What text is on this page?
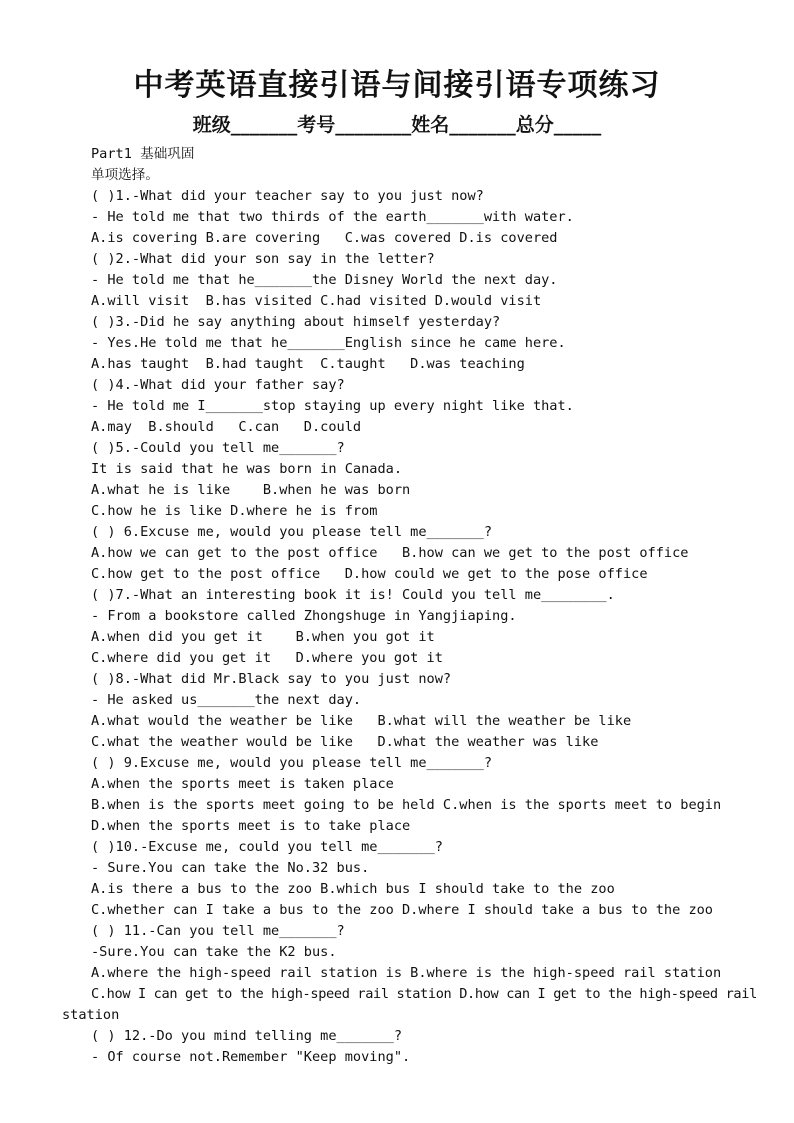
中考英语直接引语与间接引语专项练习
班级_______考号________姓名_______总分_____
Part1 基础巩固
单项选择。
( )1.-What did your teacher say to you just now?
- He told me that two thirds of the earth_______with water.
A.is covering B.are covering   C.was covered D.is covered
( )2.-What did your son say in the letter?
- He told me that he_______the Disney World the next day.
A.will visit  B.has visited C.had visited D.would visit
( )3.-Did he say anything about himself yesterday?
- Yes.He told me that he_______English since he came here.
A.has taught  B.had taught  C.taught   D.was teaching
( )4.-What did your father say?
- He told me I_______stop staying up every night like that.
A.may  B.should   C.can   D.could
( )5.-Could you tell me_______?
It is said that he was born in Canada.
A.what he is like    B.when he was born
C.how he is like D.where he is from
( ) 6.Excuse me, would you please tell me_______?
A.how we can get to the post office   B.how can we get to the post office
C.how get to the post office   D.how could we get to the pose office
( )7.-What an interesting book it is! Could you tell me________.
- From a bookstore called Zhongshuge in Yangjiaping.
A.when did you get it    B.when you got it
C.where did you get it   D.where you got it
( )8.-What did Mr.Black say to you just now?
- He asked us_______the next day.
A.what would the weather be like   B.what will the weather be like
C.what the weather would be like   D.what the weather was like
( ) 9.Excuse me, would you please tell me_______?
A.when the sports meet is taken place
B.when is the sports meet going to be held C.when is the sports meet to begin
D.when the sports meet is to take place
( )10.-Excuse me, could you tell me_______?
- Sure.You can take the No.32 bus.
A.is there a bus to the zoo B.which bus I should take to the zoo
C.whether can I take a bus to the zoo D.where I should take a bus to the zoo
( ) 11.-Can you tell me_______?
-Sure.You can take the K2 bus.
A.where the high-speed rail station is B.where is the high-speed rail station
C.how I can get to the high-speed rail station D.how can I get to the high-speed rail
station
( ) 12.-Do you mind telling me_______?
- Of course not.Remember "Keep moving".
